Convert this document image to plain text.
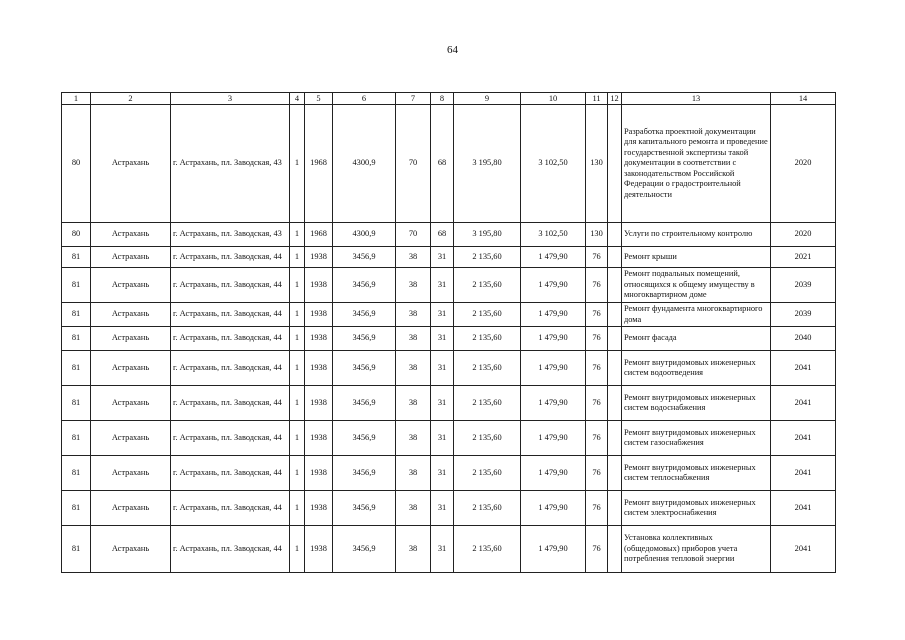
64
1	2	3	4	5	6	7	8	9	10	11	12	13	14
80	Астрахань	г. Астрахань, пл. Заводская, 43	1	1968	4300,9	70	68	3 195,80	3 102,50	130		Разработка проектной документации для капитального ремонта и проведение государственной экспертизы такой документации в соответствии с законодательством Российской Федерации о градостроительной деятельности	2020
80	Астрахань	г. Астрахань, пл. Заводская, 43	1	1968	4300,9	70	68	3 195,80	3 102,50	130		Услуги по строительному контролю	2020
81	Астрахань	г. Астрахань, пл. Заводская, 44	1	1938	3456,9	38	31	2 135,60	1 479,90	76		Ремонт крыши	2021
81	Астрахань	г. Астрахань, пл. Заводская, 44	1	1938	3456,9	38	31	2 135,60	1 479,90	76		Ремонт подвальных помещений, относящихся к общему имуществу в многоквартирном доме	2039
81	Астрахань	г. Астрахань, пл. Заводская, 44	1	1938	3456,9	38	31	2 135,60	1 479,90	76		Ремонт фундамента многоквартирного дома	2039
81	Астрахань	г. Астрахань, пл. Заводская, 44	1	1938	3456,9	38	31	2 135,60	1 479,90	76		Ремонт фасада	2040
81	Астрахань	г. Астрахань, пл. Заводская, 44	1	1938	3456,9	38	31	2 135,60	1 479,90	76		Ремонт внутридомовых инженерных систем водоотведения	2041
81	Астрахань	г. Астрахань, пл. Заводская, 44	1	1938	3456,9	38	31	2 135,60	1 479,90	76		Ремонт внутридомовых инженерных систем водоснабжения	2041
81	Астрахань	г. Астрахань, пл. Заводская, 44	1	1938	3456,9	38	31	2 135,60	1 479,90	76		Ремонт внутридомовых инженерных систем газоснабжения	2041
81	Астрахань	г. Астрахань, пл. Заводская, 44	1	1938	3456,9	38	31	2 135,60	1 479,90	76		Ремонт внутридомовых инженерных систем теплоснабжения	2041
81	Астрахань	г. Астрахань, пл. Заводская, 44	1	1938	3456,9	38	31	2 135,60	1 479,90	76		Ремонт внутридомовых инженерных систем электроснабжения	2041
81	Астрахань	г. Астрахань, пл. Заводская, 44	1	1938	3456,9	38	31	2 135,60	1 479,90	76		Установка коллективных (общедомовых) приборов учета потребления тепловой энергии	2041
